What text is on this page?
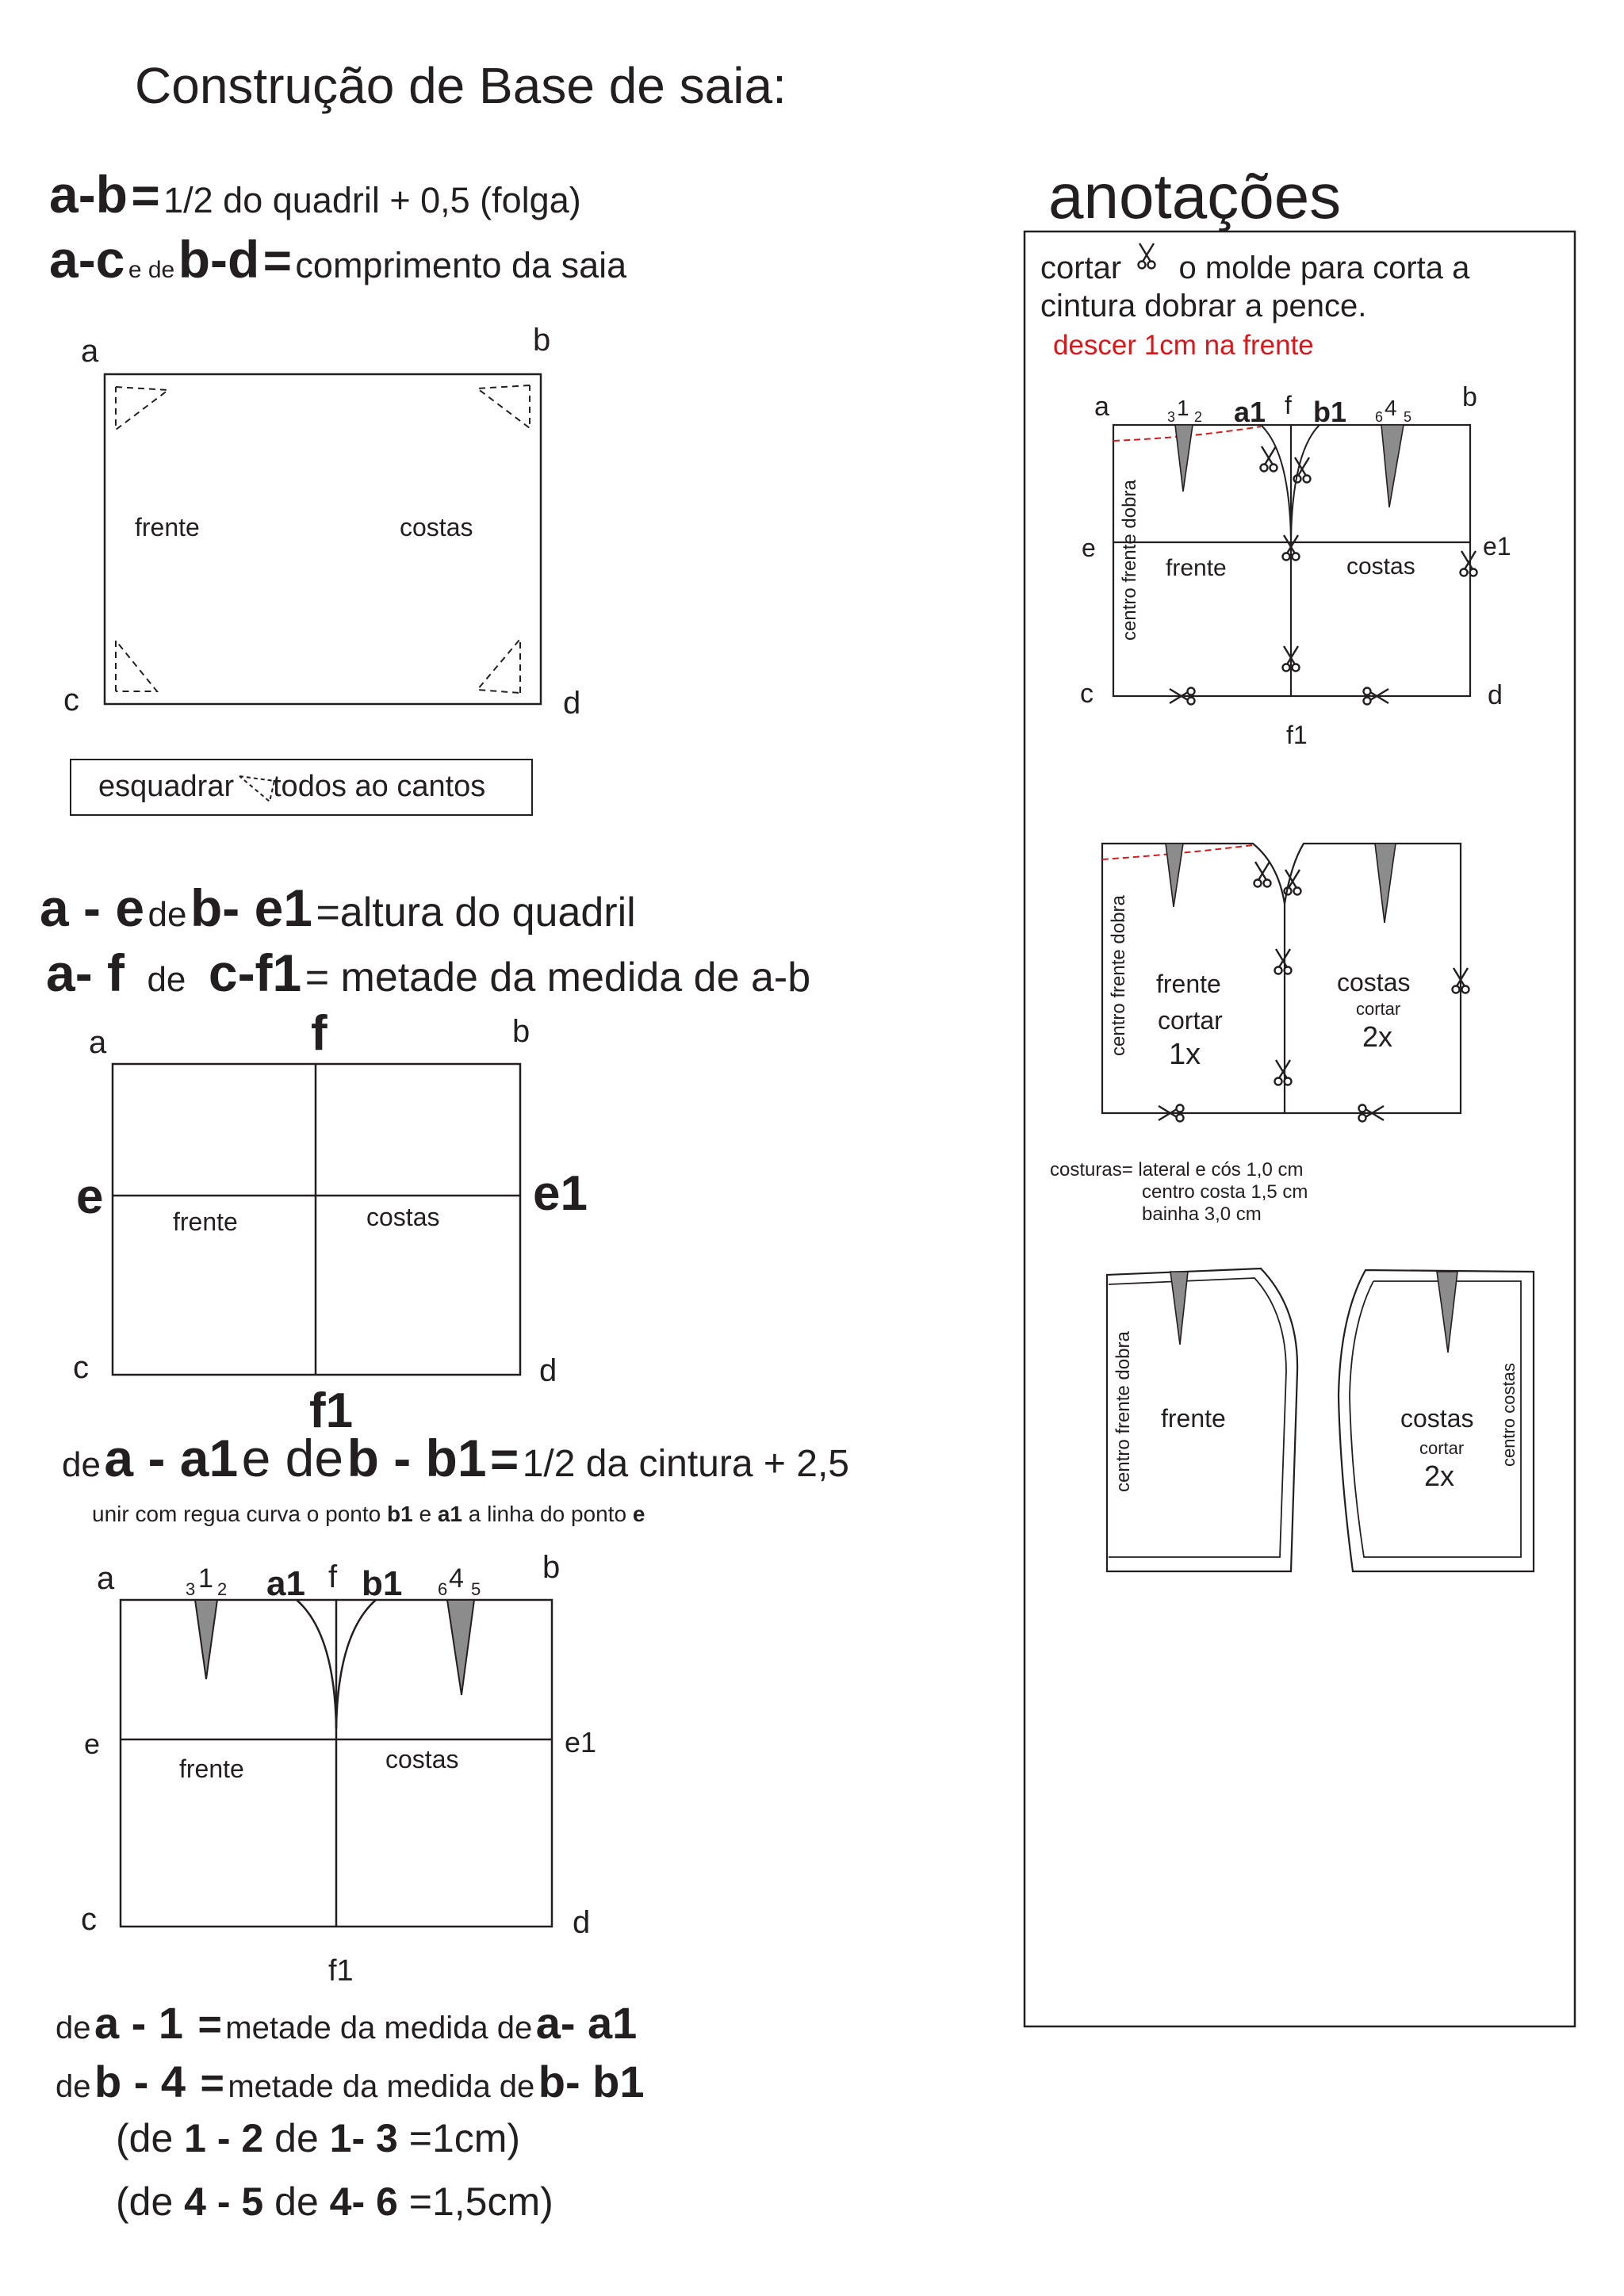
Construção de Base de saia:
anotações
a-b = 1/2 do quadril + 0,5 (folga)
a-c e de b-d = comprimento da saia
a - e de b- e1 =altura do quadril
a- f de c-f1 = metade da medida de a-b
de a - a1 e de b - b1 = 1/2 da cintura + 2,5
unir com regua curva o ponto b1 e a1 a linha do ponto e
de a - 1 = metade da medida de a- a1
de b - 4 = metade da medida de b- b1
(de 1 - 2 de 1- 3 =1cm)
(de 4 - 5 de 4- 6 =1,5cm)
cortar o molde para corta a
cintura dobrar a pence.
descer 1cm na frente
costuras= lateral e cós 1,0 cm
centro costa 1,5 cm
bainha 3,0 cm
esquadrar todos ao cantos
a	b
c	d
frente	costas
a	f	b
e	e1
c	d
f1
frente	costas
a	3 1 2 a1 f b1 6 4 5
b
e	e1
c	d
f1
frente	costas
a	3 1 2 a1 f b1 6 4 5
b
e	e1
c	d
f1
centro frente dobra frente	costas
centro frente dobra frente
cortar
1x
costas
cortar
2x
centro frente dobra frente	costas
cortar
2x
centro costas
